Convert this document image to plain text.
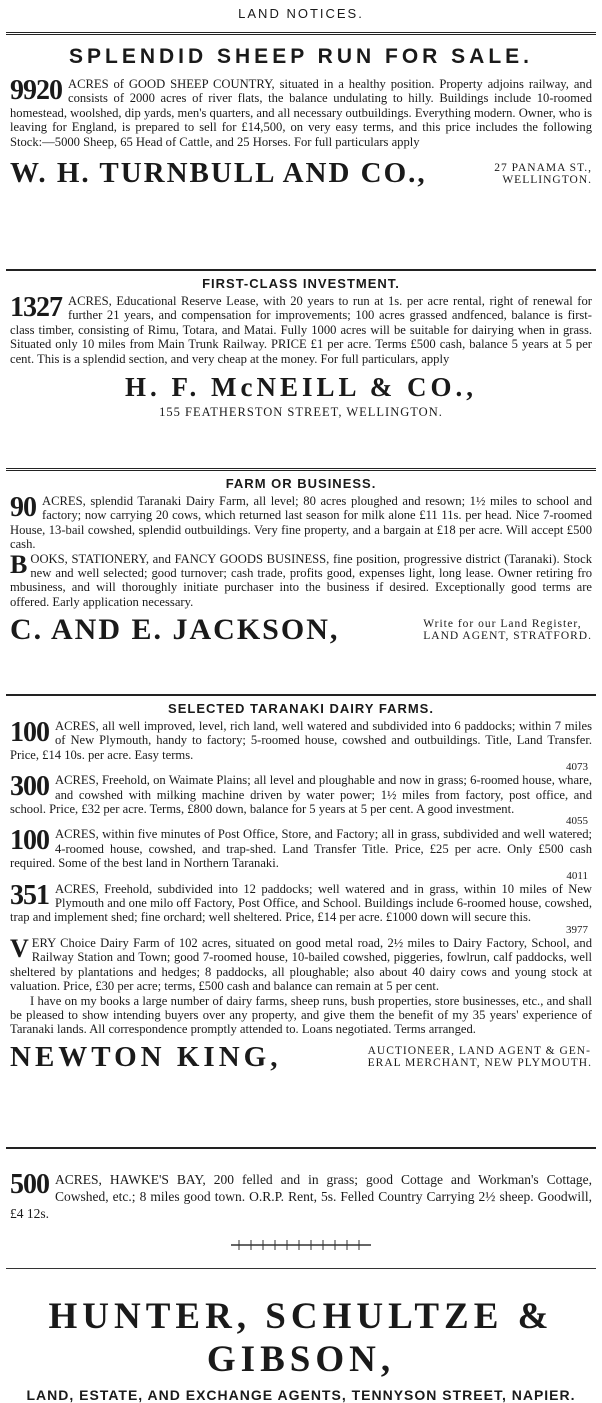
LAND NOTICES.
SPLENDID SHEEP RUN FOR SALE.
9920 ACRES of GOOD SHEEP COUNTRY, situated in a healthy position. Property adjoins railway, and consists of 2000 acres of river flats, the balance undulating to hilly. Buildings include 10-roomed homestead, woolshed, dip yards, men's quarters, and all necessary outbuildings. Everything modern. Owner, who is leaving for England, is prepared to sell for £14,500, on very easy terms, and this price includes the following Stock:—5000 Sheep, 65 Head of Cattle, and 25 Horses. For full particulars apply
W. H. TURNBULL AND CO.,	27 PANAMA ST.,
WELLINGTON.
FIRST-CLASS INVESTMENT.
1327 ACRES, Educational Reserve Lease, with 20 years to run at 1s. per acre rental, right of renewal for further 21 years, and compensation for improvements; 100 acres grassed andfenced, balance is first-class timber, consisting of Rimu, Totara, and Matai. Fully 1000 acres will be suitable for dairying when in grass. Situated only 10 miles from Main Trunk Railway. PRICE £1 per acre. Terms £500 cash, balance 5 years at 5 per cent. This is a splendid section, and very cheap at the money. For full particulars, apply
H. F. McNEILL & CO.,
155 FEATHERSTON STREET, WELLINGTON.
FARM OR BUSINESS.
90 ACRES, splendid Taranaki Dairy Farm, all level; 80 acres ploughed and resown; 1½ miles to school and factory; now carrying 20 cows, which returned last season for milk alone £11 11s. per head. Nice 7-roomed House, 13-bail cowshed, splendid outbuildings. Very fine property, and a bargain at £18 per acre. Will accept £500 cash.
B OOKS, STATIONERY, and FANCY GOODS BUSINESS, fine position, progressive district (Taranaki). Stock new and well selected; good turnover; cash trade, profits good, expenses light, long lease. Owner retiring fro mbusiness, and will thoroughly initiate purchaser into the business if desired. Exceptionally good terms are offered. Early application necessary.
C. AND E. JACKSON,	Write for our Land Register,
LAND AGENT, STRATFORD.
SELECTED TARANAKI DAIRY FARMS.
100 ACRES, all well improved, level, rich land, well watered and subdivided into 6 paddocks; within 7 miles of New Plymouth, handy to factory; 5-roomed house, cowshed and outbuildings. Title, Land Transfer. Price, £14 10s. per acre. Easy terms.
4073
300 ACRES, Freehold, on Waimate Plains; all level and ploughable and now in grass; 6-roomed house, whare, and cowshed with milking machine driven by water power; 1½ miles from factory, post office, and school. Price, £32 per acre. Terms, £800 down, balance for 5 years at 5 per cent. A good investment.
4055
100 ACRES, within five minutes of Post Office, Store, and Factory; all in grass, subdivided and well watered; 4-roomed house, cowshed, and trap-shed. Land Transfer Title. Price, £25 per acre. Only £500 cash required. Some of the best land in Northern Taranaki.
4011
351 ACRES, Freehold, subdivided into 12 paddocks; well watered and in grass, within 10 miles of New Plymouth and one milo off Factory, Post Office, and School. Buildings include 6-roomed house, cowshed, trap and implement shed; fine orchard; well sheltered. Price, £14 per acre. £1000 down will secure this.
3977
V ERY Choice Dairy Farm of 102 acres, situated on good metal road, 2½ miles to Dairy Factory, School, and Railway Station and Town; good 7-roomed house, 10-bailed cowshed, piggeries, fowlrun, calf paddocks, well sheltered by plantations and hedges; 8 paddocks, all ploughable; also about 40 dairy cows and young stock at valuation. Price, £30 per acre; terms, £500 cash and balance can remain at 5 per cent.
I have on my books a large number of dairy farms, sheep runs, bush properties, store businesses, etc., and shall be pleased to show intending buyers over any property, and give them the benefit of my 35 years' experience of Taranaki lands. All correspondence promptly attended to. Loans negotiated. Terms arranged.
NEWTON KING,	AUCTIONEER, LAND AGENT & GEN-
ERAL MERCHANT, NEW PLYMOUTH.
500 ACRES, HAWKE'S BAY, 200 felled and in grass; good Cottage and Workman's Cottage, Cowshed, etc.; 8 miles good town. O.R.P. Rent, 5s. Felled Country Carrying 2½ sheep. Goodwill, £4 12s.
HUNTER, SCHULTZE & GIBSON,
LAND, ESTATE, AND EXCHANGE AGENTS, TENNYSON STREET, NAPIER.
